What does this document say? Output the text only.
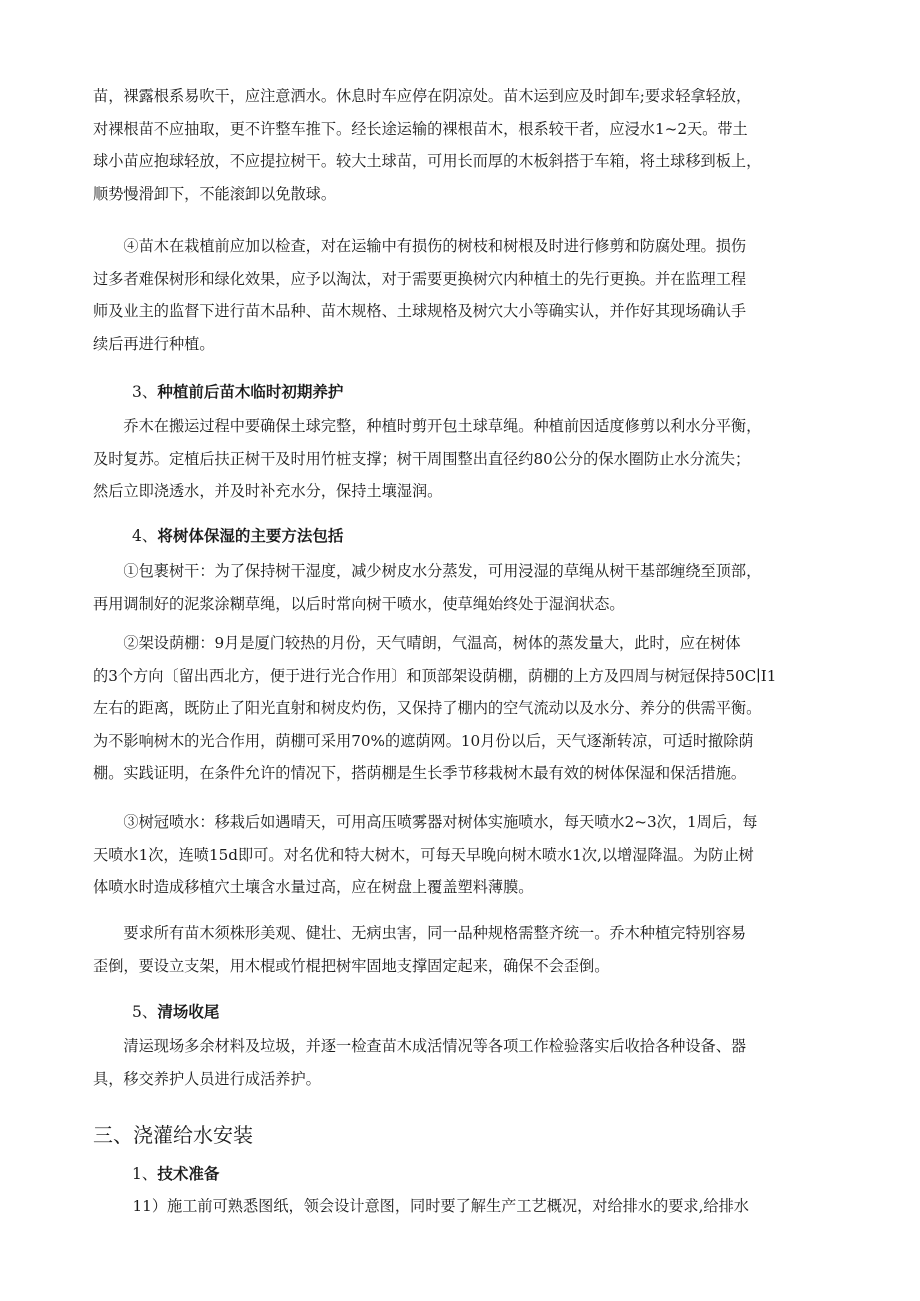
苗，裸露根系易吹干，应注意洒水。休息时车应停在阴凉处。苗木运到应及时卸车;要求轻拿轻放，
对裸根苗不应抽取，更不许整车推下。经长途运输的裸根苗木，根系较干者，应浸水1~2天。带土
球小苗应抱球轻放，不应提拉树干。较大土球苗，可用长而厚的木板斜搭于车箱，将土球移到板上，
顺势慢滑卸下，不能滚卸以免散球。

④苗木在栽植前应加以检查，对在运输中有损伤的树枝和树根及时进行修剪和防腐处理。损伤
过多者难保树形和绿化效果，应予以淘汰，对于需要更换树穴内种植土的先行更换。并在监理工程
师及业主的监督下进行苗木品种、苗木规格、土球规格及树穴大小等确实认，并作好其现场确认手
续后再进行种植。

3、种植前后苗木临时初期养护

乔木在搬运过程中要确保土球完整，种植时剪开包土球草绳。种植前因适度修剪以利水分平衡，
及时复苏。定植后扶正树干及时用竹桩支撑；树干周围整出直径约80公分的保水圈防止水分流失；
然后立即浇透水，并及时补充水分，保持土壤湿润。

4、将树体保湿的主要方法包括

①包裹树干：为了保持树干湿度，减少树皮水分蒸发，可用浸湿的草绳从树干基部缠绕至顶部，
再用调制好的泥浆涂糊草绳，以后时常向树干喷水，使草绳始终处于湿润状态。

②架设荫棚：9月是厦门较热的月份，天气晴朗，气温高，树体的蒸发量大，此时，应在树体
的3个方向〔留出西北方，便于进行光合作用〕和顶部架设荫棚，荫棚的上方及四周与树冠保持50C∣I1
左右的距离，既防止了阳光直射和树皮灼伤，又保持了棚内的空气流动以及水分、养分的供需平衡。
为不影响树木的光合作用，荫棚可采用70%的遮荫网。10月份以后，天气逐渐转凉，可适时撤除荫
棚。实践证明，在条件允许的情况下，搭荫棚是生长季节移栽树木最有效的树体保湿和保活措施。

③树冠喷水：移栽后如遇晴天，可用高压喷雾器对树体实施喷水，每天喷水2~3次，1周后，每
天喷水1次，连喷15d即可。对名优和特大树木，可每天早晚向树木喷水1次,以增湿降温。为防止树
体喷水时造成移植穴土壤含水量过高，应在树盘上覆盖塑料薄膜。

要求所有苗木须株形美观、健壮、无病虫害，同一品种规格需整齐统一。乔木种植完特别容易
歪倒，要设立支架，用木棍或竹棍把树牢固地支撑固定起来，确保不会歪倒。

5、清场收尾

清运现场多余材料及垃圾，并逐一检查苗木成活情况等各项工作检验落实后收拾各种设备、器
具，移交养护人员进行成活养护。

三、浇灌给水安装

1、技术准备

11）施工前可熟悉图纸，领会设计意图，同时要了解生产工艺概况，对给排水的要求,给排水
